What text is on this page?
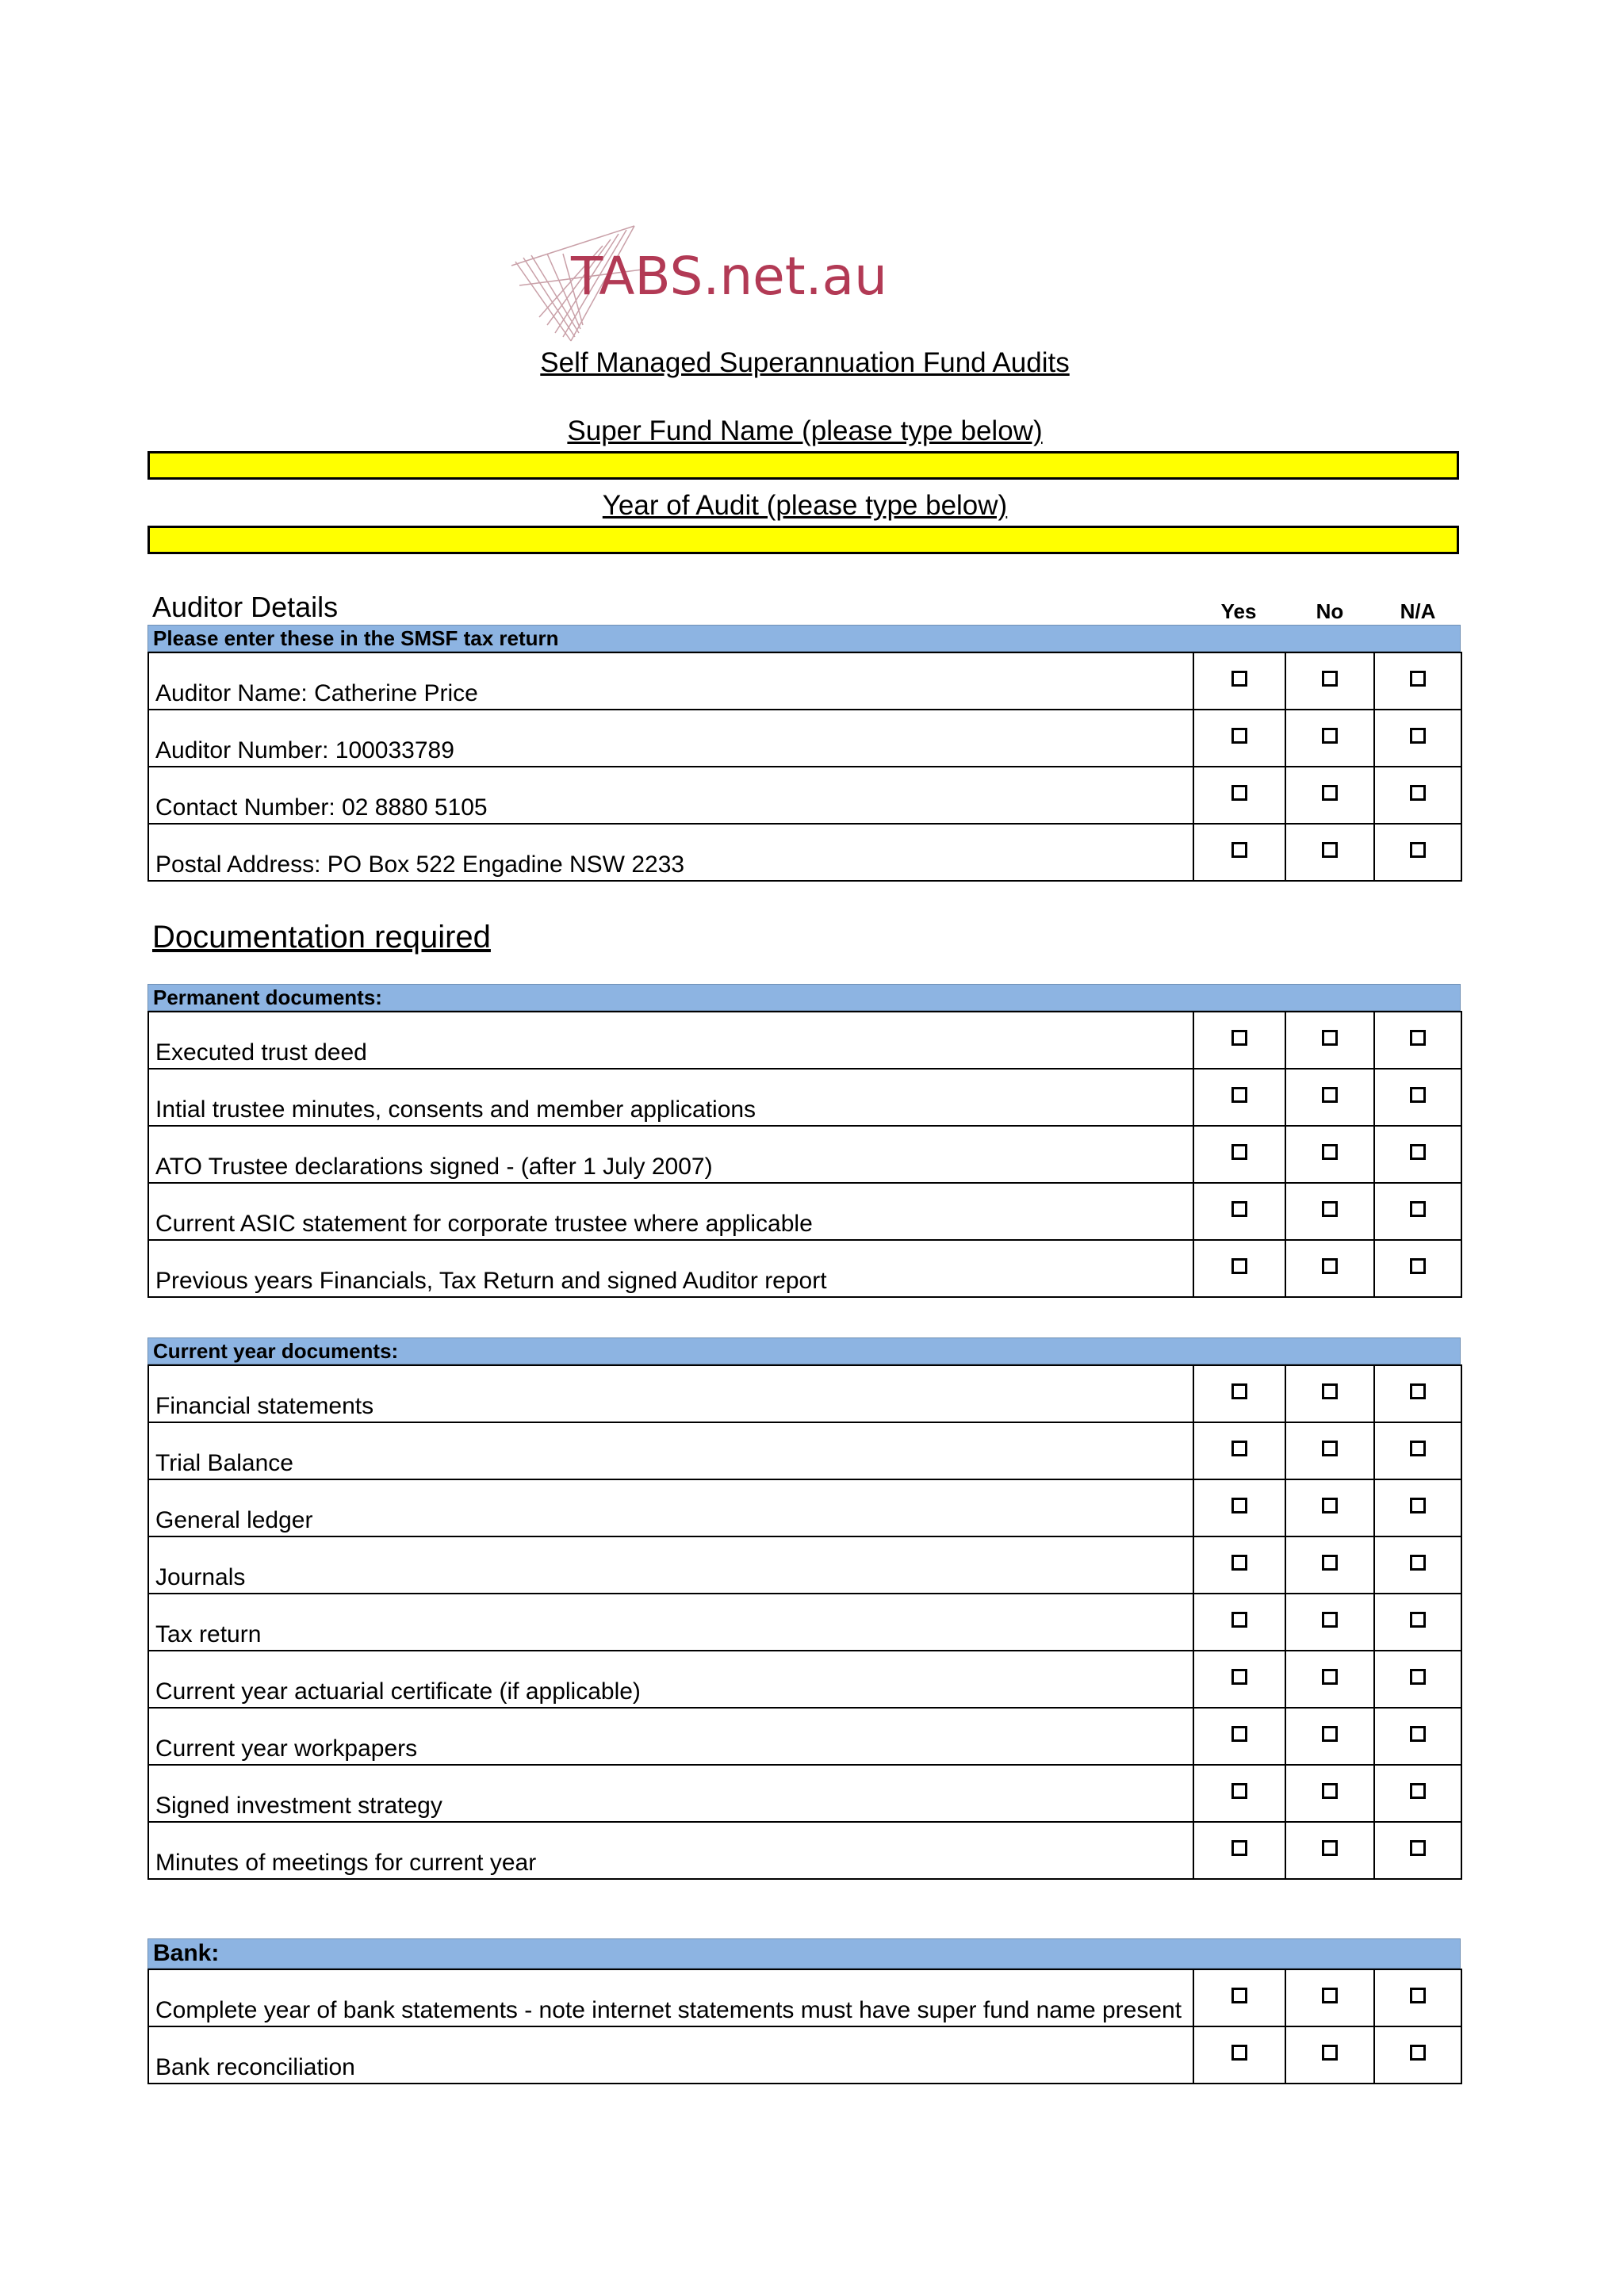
TABS.net.au
Self Managed Superannuation Fund Audits
Super Fund Name (please type below)
Year of Audit (please type below)
Auditor Details	Yes	No	N/A
Please enter these in the SMSF tax return
Auditor Name: Catherine Price			
Auditor Number: 100033789			
Contact Number: 02 8880 5105			
Postal Address: PO Box 522 Engadine NSW 2233			
Documentation required
Permanent documents:
Executed trust deed			
Intial trustee minutes, consents and member applications			
ATO Trustee declarations signed - (after 1 July 2007)			
Current ASIC statement for corporate trustee where applicable			
Previous years Financials, Tax Return and signed Auditor report			
Current year documents:
Financial statements			
Trial Balance			
General ledger			
Journals			
Tax return			
Current year actuarial certificate (if applicable)			
Current year workpapers			
Signed investment strategy			
Minutes of meetings for current year			
Bank:
Complete year of bank statements - note internet statements must have super fund name present			
Bank reconciliation			
